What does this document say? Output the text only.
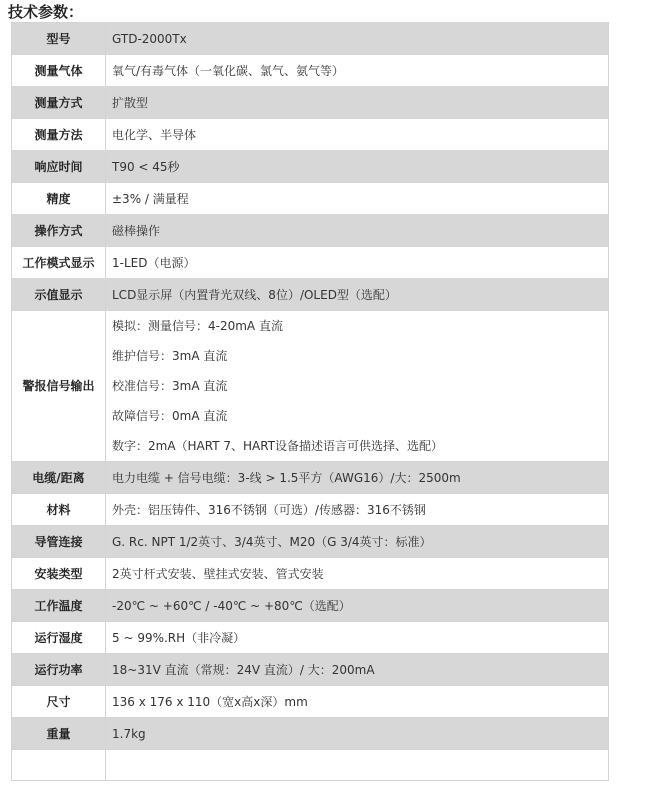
技术参数：
型号	GTD-2000Tx
测量气体	氧气/有毒气体（一氧化碳、氯气、氨气等）
测量方式	扩散型
测量方法	电化学、半导体
响应时间	T90 < 45秒
精度	±3% / 满量程
操作方式	磁棒操作
工作模式显示	1-LED（电源）
示值显示	LCD显示屏（内置背光双线、8位）/OLED型（选配）
警报信号输出	模拟：测量信号：4-20mA 直流
维护信号：3mA 直流
校准信号：3mA 直流
故障信号：0mA 直流
数字：2mA（HART 7、HART设备描述语言可供选择、选配）

电缆/距离	电力电缆 + 信号电缆：3-线 > 1.5平方（AWG16）/大：2500m
材料	外壳：铝压铸件、316不锈钢（可选）/传感器：316不锈钢
导管连接	G. Rc. NPT 1/2英寸、3/4英寸、M20（G 3/4英寸：标准）
安装类型	2英寸杆式安装、壁挂式安装、管式安装
工作温度	-20℃ ~ +60℃ / -40℃ ~ +80℃（选配）
运行湿度	5 ~ 99%.RH（非冷凝）
运行功率	18~31V 直流（常规：24V 直流）/ 大：200mA
尺寸	136 x 176 x 110（宽x高x深）mm
重量	1.7kg
